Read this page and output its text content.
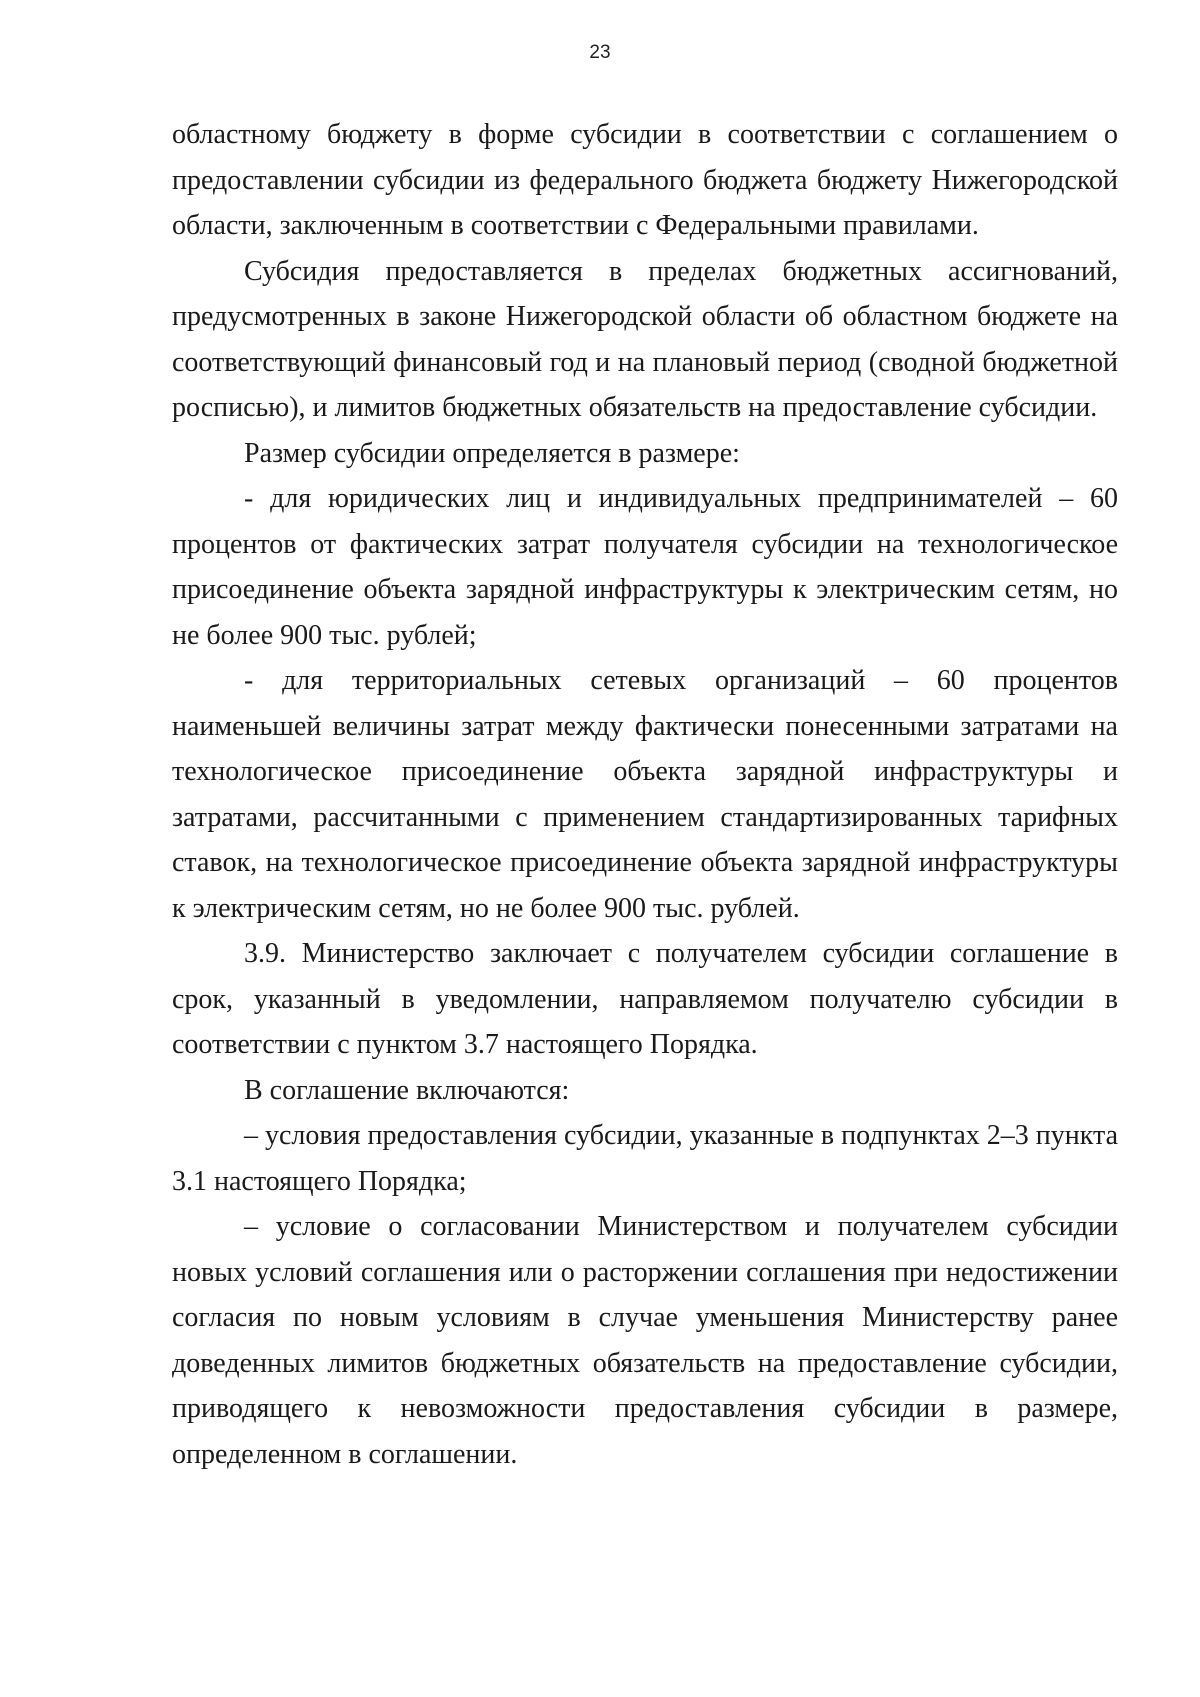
23

областному бюджету в форме субсидии в соответствии с соглашением о предоставлении субсидии из федерального бюджета бюджету Нижегородской области, заключенным в соответствии с Федеральными правилами.

Субсидия предоставляется в пределах бюджетных ассигнований, предусмотренных в законе Нижегородской области об областном бюджете на соответствующий финансовый год и на плановый период (сводной бюджетной росписью), и лимитов бюджетных обязательств на предоставление субсидии.

Размер субсидии определяется в размере:

- для юридических лиц и индивидуальных предпринимателей – 60 процентов от фактических затрат получателя субсидии на технологическое присоединение объекта зарядной инфраструктуры к электрическим сетям, но не более 900 тыс. рублей;

- для территориальных сетевых организаций – 60 процентов наименьшей величины затрат между фактически понесенными затратами на технологическое присоединение объекта зарядной инфраструктуры и затратами, рассчитанными с применением стандартизированных тарифных ставок, на технологическое присоединение объекта зарядной инфраструктуры к электрическим сетям, но не более 900 тыс. рублей.

3.9. Министерство заключает с получателем субсидии соглашение в срок, указанный в уведомлении, направляемом получателю субсидии в соответствии с пунктом 3.7 настоящего Порядка.

В соглашение включаются:

– условия предоставления субсидии, указанные в подпунктах 2–3 пункта 3.1 настоящего Порядка;

– условие о согласовании Министерством и получателем субсидии новых условий соглашения или о расторжении соглашения при недостижении согласия по новым условиям в случае уменьшения Министерству ранее доведенных лимитов бюджетных обязательств на предоставление субсидии, приводящего к невозможности предоставления субсидии в размере, определенном в соглашении.
